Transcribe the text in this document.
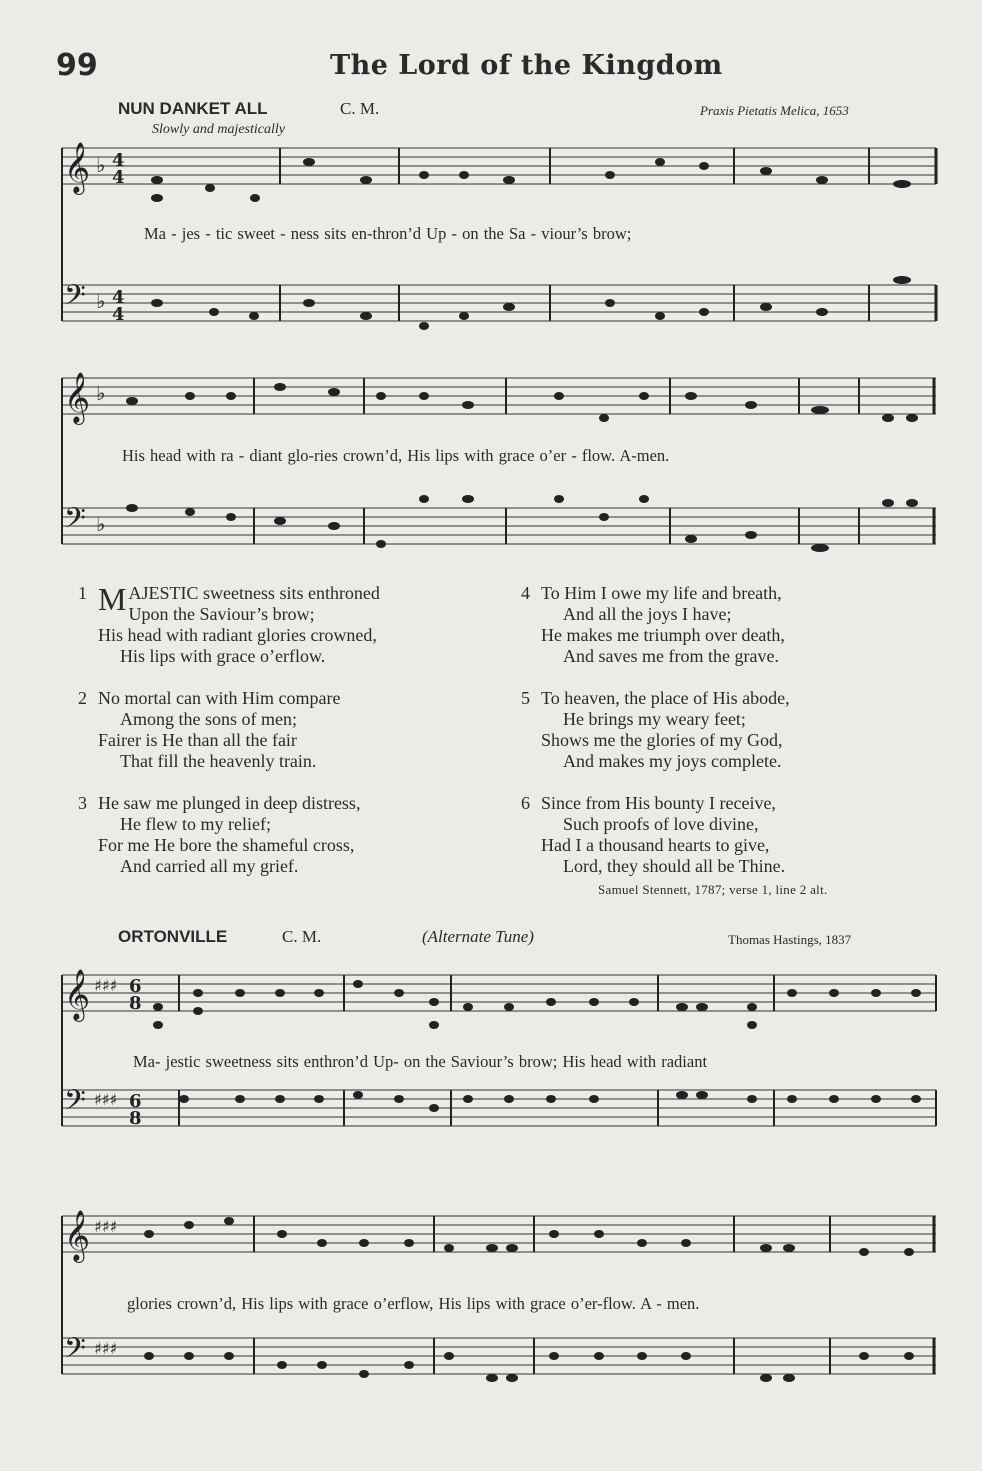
99	The Lord of the Kingdom
NUN DANKET ALL	C. M.	Praxis Pietatis Melica, 1653
Slowly and majestically
𝄞
𝄢
♭
♭
4
4
4
4
Ma - jes - tic sweet - ness sits en-thron’d Up - on the Sa - viour’s brow;
𝄞
𝄢
♭
♭
His head with ra - diant glo-ries crown’d, His lips with grace o’er - flow. A-men.
1 MAJESTIC sweetness sits enthroned
Upon the Saviour’s brow;
His head with radiant glories crowned,
His lips with grace o’erflow.
2 No mortal can with Him compare
Among the sons of men;
Fairer is He than all the fair
That fill the heavenly train.
3 He saw me plunged in deep distress,
He flew to my relief;
For me He bore the shameful cross,
And carried all my grief.
4 To Him I owe my life and breath,
And all the joys I have;
He makes me triumph over death,
And saves me from the grave.
5 To heaven, the place of His abode,
He brings my weary feet;
Shows me the glories of my God,
And makes my joys complete.
6 Since from His bounty I receive,
Such proofs of love divine,
Had I a thousand hearts to give,
Lord, they should all be Thine.
Samuel Stennett, 1787; verse 1, line 2 alt.
ORTONVILLE	C. M.	(Alternate Tune)	Thomas Hastings, 1837
𝄞
𝄢
♯♯♯
♯♯♯
6
8
6
8
Ma- jestic sweetness sits enthron’d Up- on the Saviour’s brow; His head with radiant
𝄞
𝄢
♯♯♯
♯♯♯
glories crown’d, His lips with grace o’erflow, His lips with grace o’er-flow. A - men.
